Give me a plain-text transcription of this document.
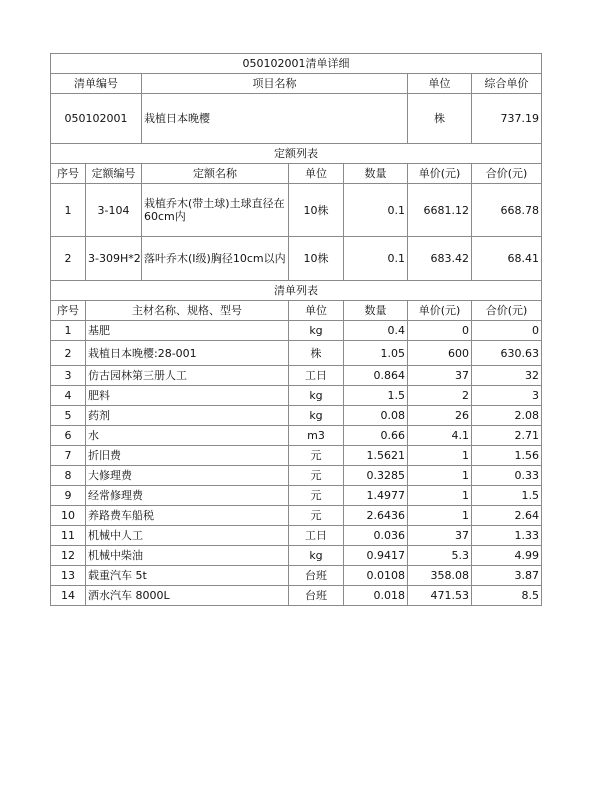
050102001清单详细						
清单编号		项目名称			单位	综合单价
050102001		栽植日本晚樱			株	737.19
定额列表						
序号	定额编号	定额名称	单位	数量	单价(元)	合价(元)
1	3-104	栽植乔木(带土球)土球直径在60cm内	10株	0.1	6681.12	668.78
2	3-309H*2	落叶乔木(Ⅰ级)胸径10cm以内	10株	0.1	683.42	68.41
清单列表						
序号	主材名称、规格、型号		单位	数量	单价(元)	合价(元)
1	基肥		kg	0.4	0	0
2	栽植日本晚樱:28-001		株	1.05	600	630.63
3	仿古园林第三册人工		工日	0.864	37	32
4	肥料		kg	1.5	2	3
5	药剂		kg	0.08	26	2.08
6	水		m3	0.66	4.1	2.71
7	折旧费		元	1.5621	1	1.56
8	大修理费		元	0.3285	1	0.33
9	经常修理费		元	1.4977	1	1.5
10	养路费车船税		元	2.6436	1	2.64
11	机械中人工		工日	0.036	37	1.33
12	机械中柴油		kg	0.9417	5.3	4.99
13	载重汽车 5t		台班	0.0108	358.08	3.87
14	洒水汽车 8000L		台班	0.018	471.53	8.5
